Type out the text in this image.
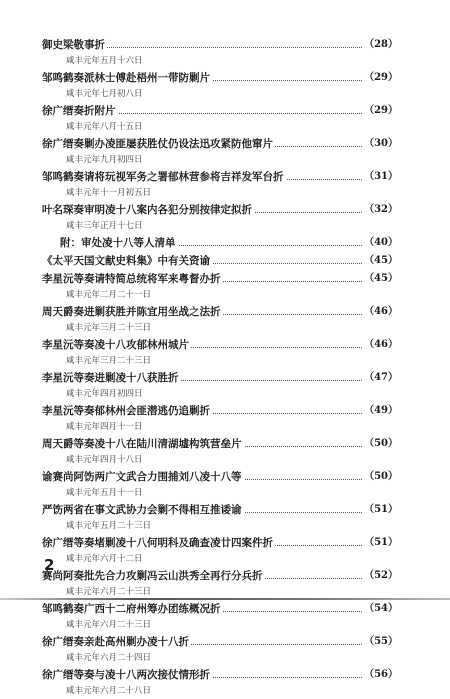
御史梁敬事折	（28）
咸丰元年五月十六日
邹鸣鹤奏派林士傅赴梧州一带防剿片	（29）
咸丰元年七月初八日
徐广缙奏折附片	（29）
咸丰元年八月十五日
徐广缙奏剿办凌匪屡获胜仗仍设法迅攻紧防他窜片	（30）
咸丰元年九月初四日
邹鸣鹤奏请将玩视军务之署郁林营参将吉祥发军台折	（31）
咸丰元年十一月初五日
叶名琛奏审明凌十八案内各犯分别按律定拟折	（32）
咸丰三年正月十七日
附：审处凌十八等人清单	（40）
《太平天国文献史料集》中有关资谕	（45）
李星沅等奏请特简总统将军来粤督办折	（45）
咸丰元年二月二十一日
周天爵奏进剿获胜并陈宜用坐战之法折	（46）
咸丰元年三月二十三日
李星沅等奏凌十八攻郁林州城片	（46）
咸丰元年三月二十三日
李星沅等奏进剿凌十八获胜折	（47）
咸丰元年四月初四日
李星沅等奏郁林州会匪潜逃仍追剿折	（49）
咸丰元年四月十一日
周天爵等奏凌十八在陆川清湖墟构筑营垒片	（50）
咸丰元年四月十八日
谕赛尚阿饬两广文武合力围捕刘八凌十八等	（50）
咸丰元年五月十一日
严饬两省在事文武协力会剿不得相互推诿谕	（51）
咸丰元年五月二十三日
徐广缙等奏堵剿凌十八何明科及确查凌廿四案件折	（51）
咸丰元年六月十二日
赛尚阿奏批先合力攻剿冯云山洪秀全再行分兵折	（52）
咸丰元年六月二十三日
邹鸣鹤奏广西十二府州筹办团练概况折	（54）
咸丰元年六月二十三日
徐广缙奏亲赴高州剿办凌十八折	（55）
咸丰元年六月二十四日
徐广缙等奏与凌十八两次接仗情形折	（56）
咸丰元年六月二十八日
2
